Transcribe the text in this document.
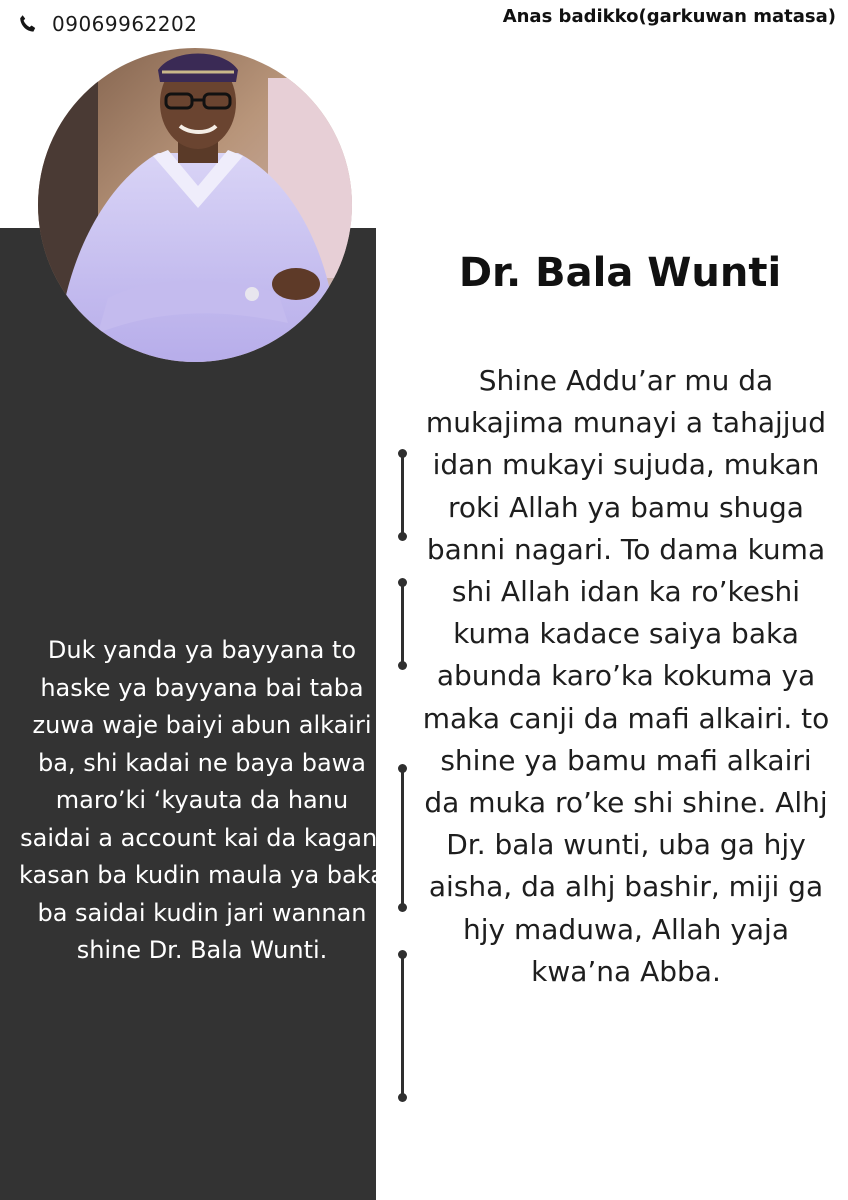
09069962202	Anas badikko(garkuwan matasa)
Dr. Bala Wunti

Shine Addu’ar mu da mukajima munayi a tahajjud idan mukayi sujuda, mukan roki Allah ya bamu shuga banni nagari. To dama kuma shi Allah idan ka ro’keshi kuma kadace saiya baka abunda karo’ka kokuma ya maka canji da mafi alkairi. to shine ya bamu mafi alkairi da muka ro’ke shi shine. Alhj Dr. bala wunti, uba ga hjy aisha, da alhj bashir, miji ga hjy maduwa, Allah yaja kwa’na Abba.

Duk yanda ya bayyana to haske ya bayyana bai taba zuwa waje baiyi abun alkairi ba, shi kadai ne baya bawa maro’ki ‘kyauta da hanu saidai a account kai da kagani kasan ba kudin maula ya baka ba saidai kudin jari wannan shine Dr. Bala Wunti.
